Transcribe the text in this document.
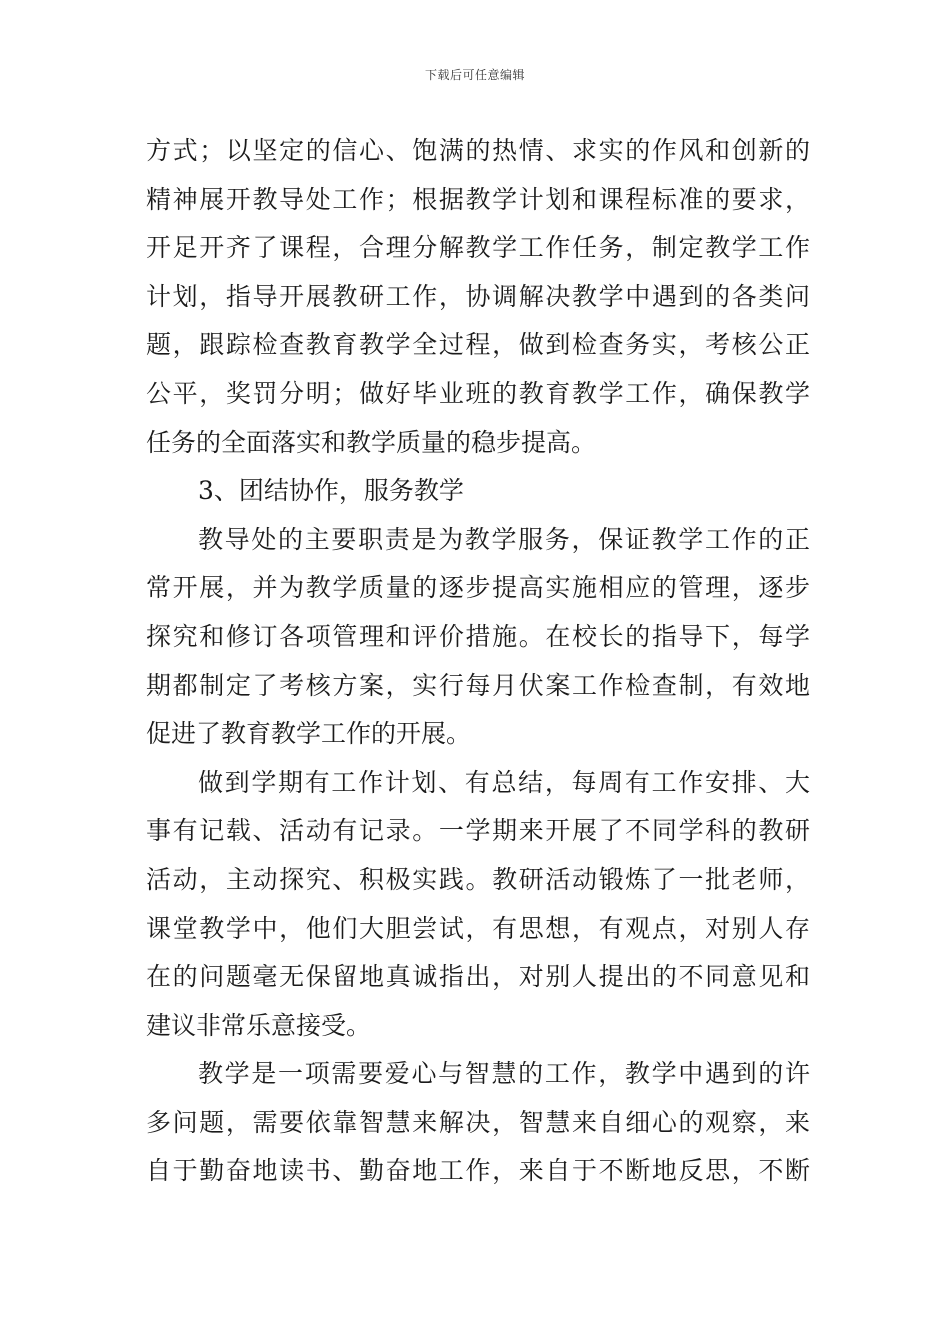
下载后可任意编辑
方式；以坚定的信心、饱满的热情、求实的作风和创新的
精神展开教导处工作；根据教学计划和课程标准的要求，
开足开齐了课程，合理分解教学工作任务，制定教学工作
计划，指导开展教研工作，协调解决教学中遇到的各类问
题，跟踪检查教育教学全过程，做到检查务实，考核公正
公平，奖罚分明；做好毕业班的教育教学工作，确保教学
任务的全面落实和教学质量的稳步提高。
3、团结协作，服务教学
教导处的主要职责是为教学服务，保证教学工作的正
常开展，并为教学质量的逐步提高实施相应的管理，逐步
探究和修订各项管理和评价措施。在校长的指导下，每学
期都制定了考核方案，实行每月伏案工作检查制，有效地
促进了教育教学工作的开展。
做到学期有工作计划、有总结，每周有工作安排、大
事有记载、活动有记录。一学期来开展了不同学科的教研
活动，主动探究、积极实践。教研活动锻炼了一批老师，
课堂教学中，他们大胆尝试，有思想，有观点，对别人存
在的问题毫无保留地真诚指出，对别人提出的不同意见和
建议非常乐意接受。
教学是一项需要爱心与智慧的工作，教学中遇到的许
多问题，需要依靠智慧来解决，智慧来自细心的观察，来
自于勤奋地读书、勤奋地工作，来自于不断地反思，不断
